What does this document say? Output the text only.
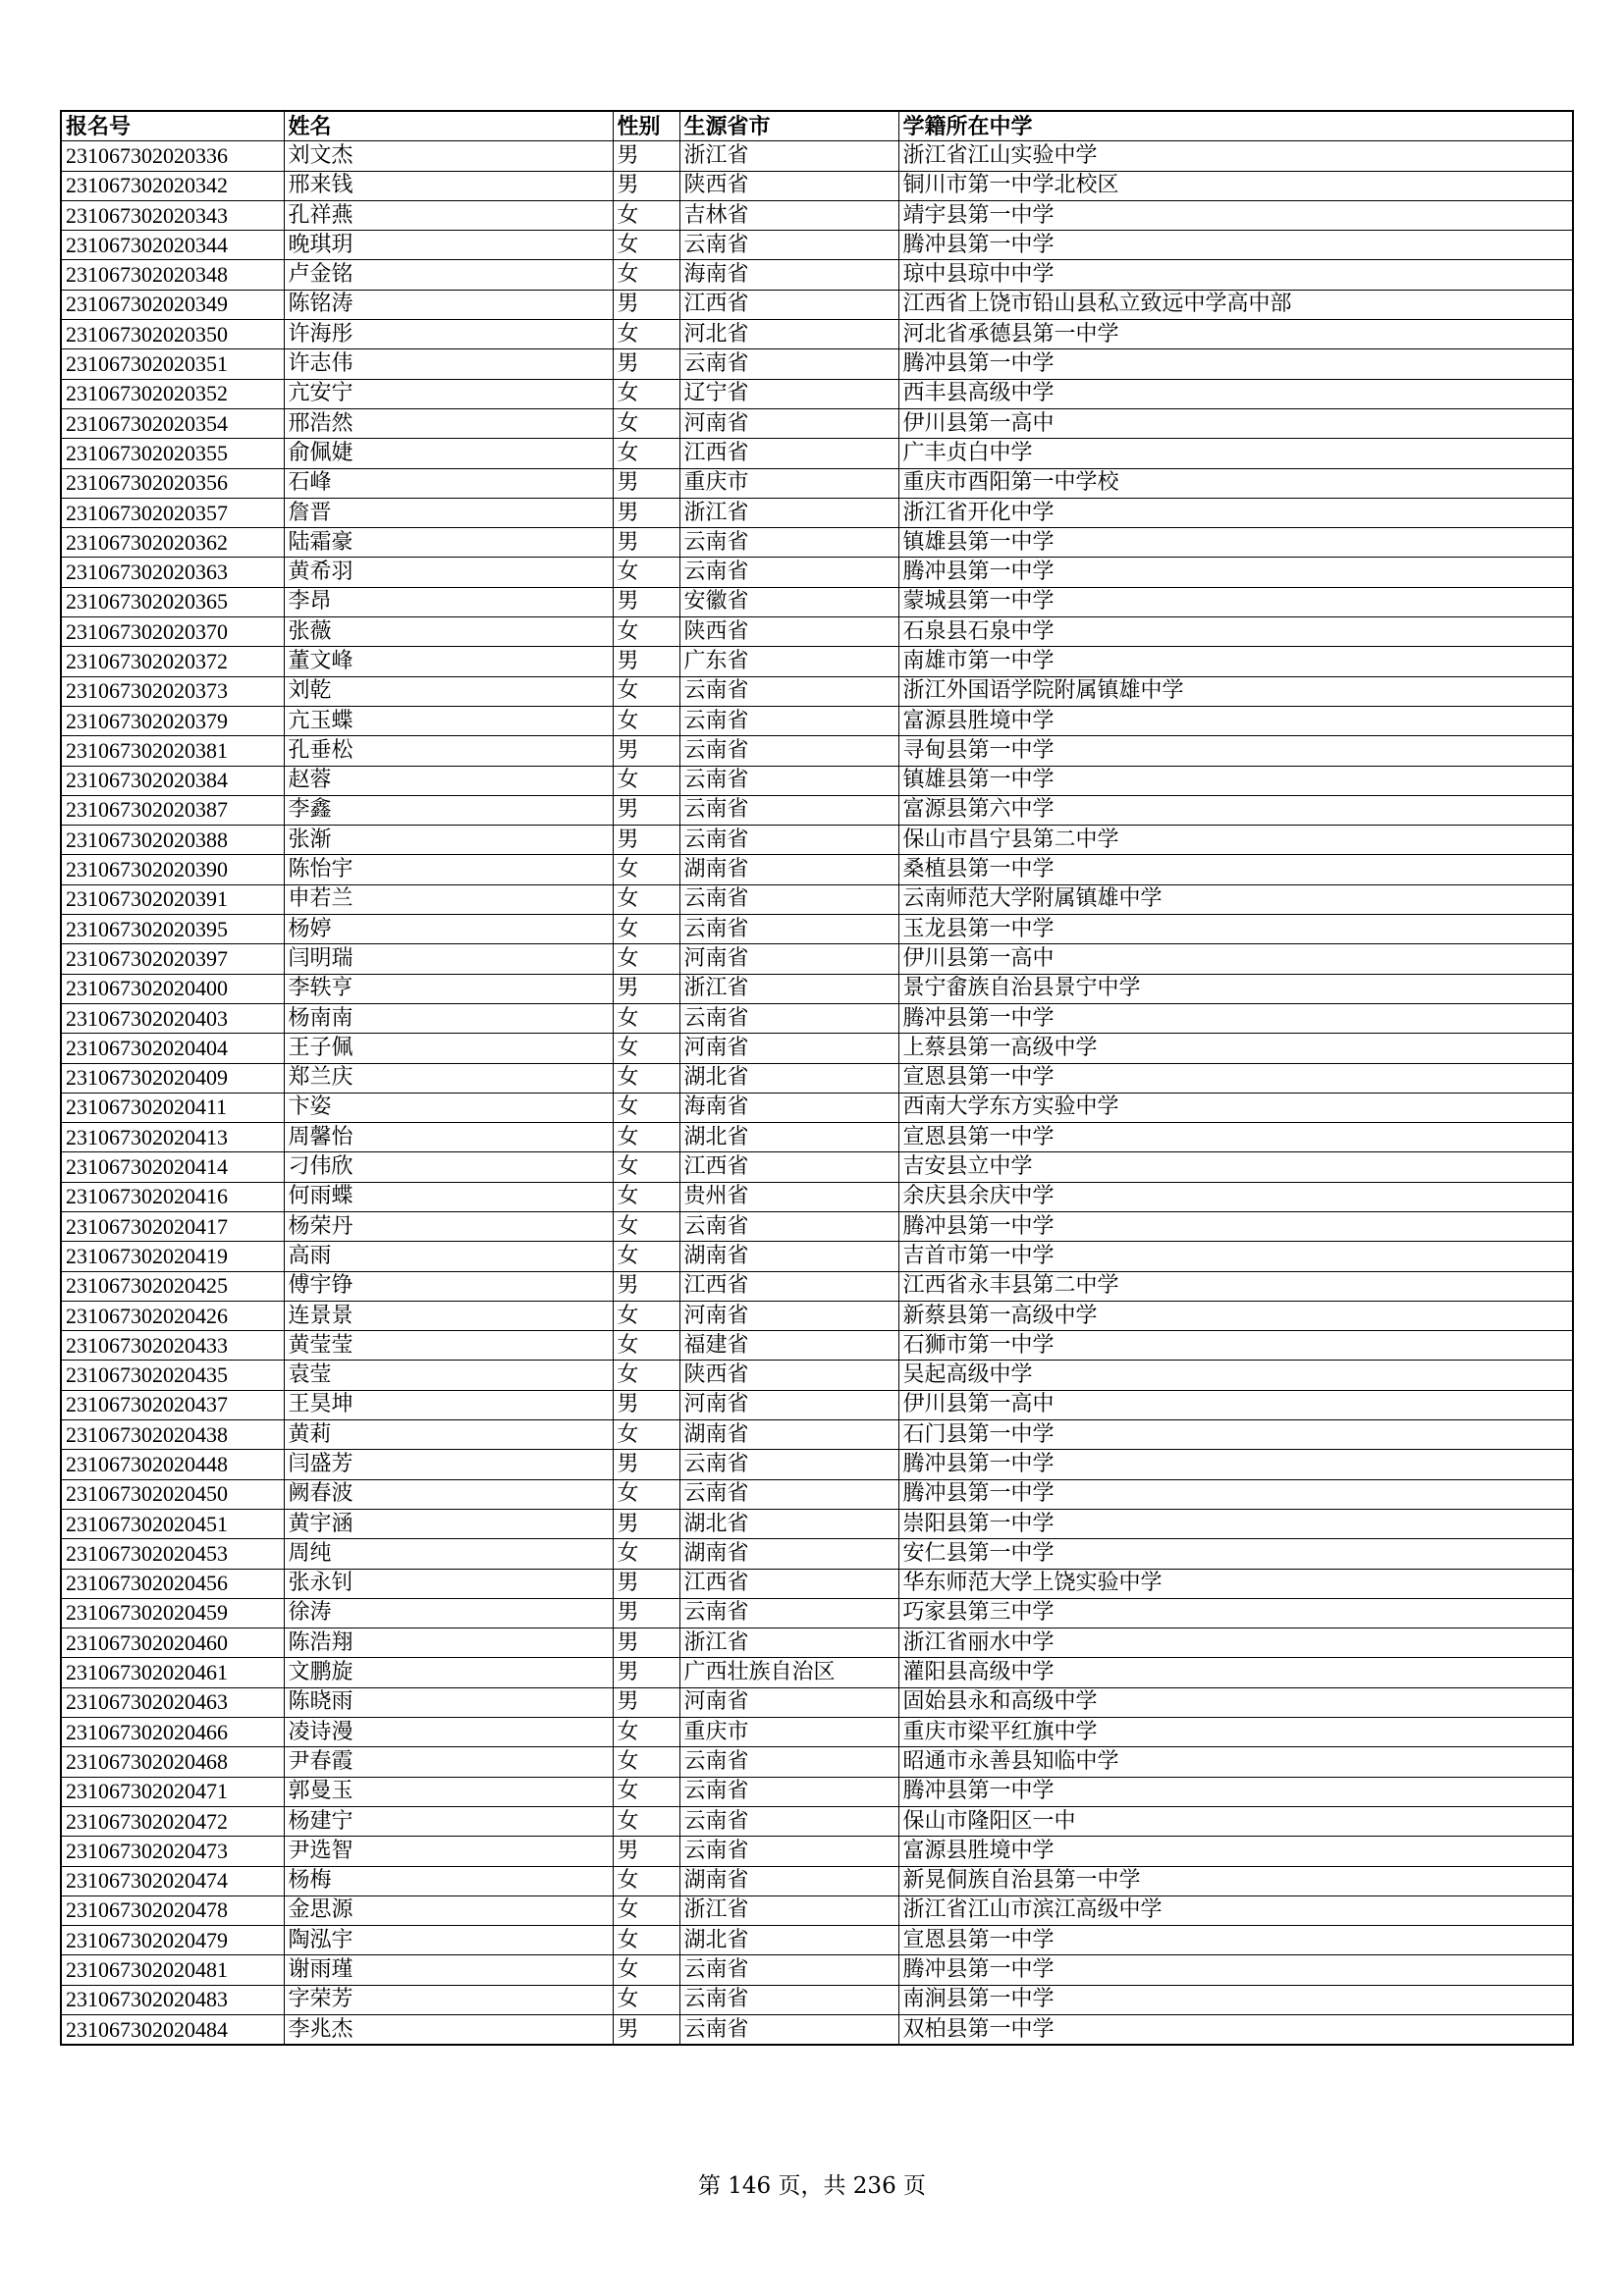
报名号	姓名	性别	生源省市	学籍所在中学
231067302020336	刘文杰	男	浙江省	浙江省江山实验中学
231067302020342	邢来钱	男	陕西省	铜川市第一中学北校区
231067302020343	孔祥燕	女	吉林省	靖宇县第一中学
231067302020344	晚琪玥	女	云南省	腾冲县第一中学
231067302020348	卢金铭	女	海南省	琼中县琼中中学
231067302020349	陈铭涛	男	江西省	江西省上饶市铅山县私立致远中学高中部
231067302020350	许海彤	女	河北省	河北省承德县第一中学
231067302020351	许志伟	男	云南省	腾冲县第一中学
231067302020352	亢安宁	女	辽宁省	西丰县高级中学
231067302020354	邢浩然	女	河南省	伊川县第一高中
231067302020355	俞佩婕	女	江西省	广丰贞白中学
231067302020356	石峰	男	重庆市	重庆市酉阳第一中学校
231067302020357	詹晋	男	浙江省	浙江省开化中学
231067302020362	陆霜豪	男	云南省	镇雄县第一中学
231067302020363	黄希羽	女	云南省	腾冲县第一中学
231067302020365	李昂	男	安徽省	蒙城县第一中学
231067302020370	张薇	女	陕西省	石泉县石泉中学
231067302020372	董文峰	男	广东省	南雄市第一中学
231067302020373	刘乾	女	云南省	浙江外国语学院附属镇雄中学
231067302020379	亢玉蝶	女	云南省	富源县胜境中学
231067302020381	孔垂松	男	云南省	寻甸县第一中学
231067302020384	赵蓉	女	云南省	镇雄县第一中学
231067302020387	李鑫	男	云南省	富源县第六中学
231067302020388	张渐	男	云南省	保山市昌宁县第二中学
231067302020390	陈怡宇	女	湖南省	桑植县第一中学
231067302020391	申若兰	女	云南省	云南师范大学附属镇雄中学
231067302020395	杨婷	女	云南省	玉龙县第一中学
231067302020397	闫明瑞	女	河南省	伊川县第一高中
231067302020400	李轶亨	男	浙江省	景宁畲族自治县景宁中学
231067302020403	杨南南	女	云南省	腾冲县第一中学
231067302020404	王子佩	女	河南省	上蔡县第一高级中学
231067302020409	郑兰庆	女	湖北省	宣恩县第一中学
231067302020411	卞姿	女	海南省	西南大学东方实验中学
231067302020413	周馨怡	女	湖北省	宣恩县第一中学
231067302020414	刁伟欣	女	江西省	吉安县立中学
231067302020416	何雨蝶	女	贵州省	余庆县余庆中学
231067302020417	杨荣丹	女	云南省	腾冲县第一中学
231067302020419	高雨	女	湖南省	吉首市第一中学
231067302020425	傅宇铮	男	江西省	江西省永丰县第二中学
231067302020426	连景景	女	河南省	新蔡县第一高级中学
231067302020433	黄莹莹	女	福建省	石狮市第一中学
231067302020435	袁莹	女	陕西省	吴起高级中学
231067302020437	王昊坤	男	河南省	伊川县第一高中
231067302020438	黄莉	女	湖南省	石门县第一中学
231067302020448	闫盛芳	男	云南省	腾冲县第一中学
231067302020450	阙春波	女	云南省	腾冲县第一中学
231067302020451	黄宇涵	男	湖北省	崇阳县第一中学
231067302020453	周纯	女	湖南省	安仁县第一中学
231067302020456	张永钊	男	江西省	华东师范大学上饶实验中学
231067302020459	徐涛	男	云南省	巧家县第三中学
231067302020460	陈浩翔	男	浙江省	浙江省丽水中学
231067302020461	文鹏旋	男	广西壮族自治区	灌阳县高级中学
231067302020463	陈晓雨	男	河南省	固始县永和高级中学
231067302020466	凌诗漫	女	重庆市	重庆市梁平红旗中学
231067302020468	尹春霞	女	云南省	昭通市永善县知临中学
231067302020471	郭曼玉	女	云南省	腾冲县第一中学
231067302020472	杨建宁	女	云南省	保山市隆阳区一中
231067302020473	尹选智	男	云南省	富源县胜境中学
231067302020474	杨梅	女	湖南省	新晃侗族自治县第一中学
231067302020478	金思源	女	浙江省	浙江省江山市滨江高级中学
231067302020479	陶泓宇	女	湖北省	宣恩县第一中学
231067302020481	谢雨瑾	女	云南省	腾冲县第一中学
231067302020483	字荣芳	女	云南省	南涧县第一中学
231067302020484	李兆杰	男	云南省	双柏县第一中学
第 146 页，共 236 页
